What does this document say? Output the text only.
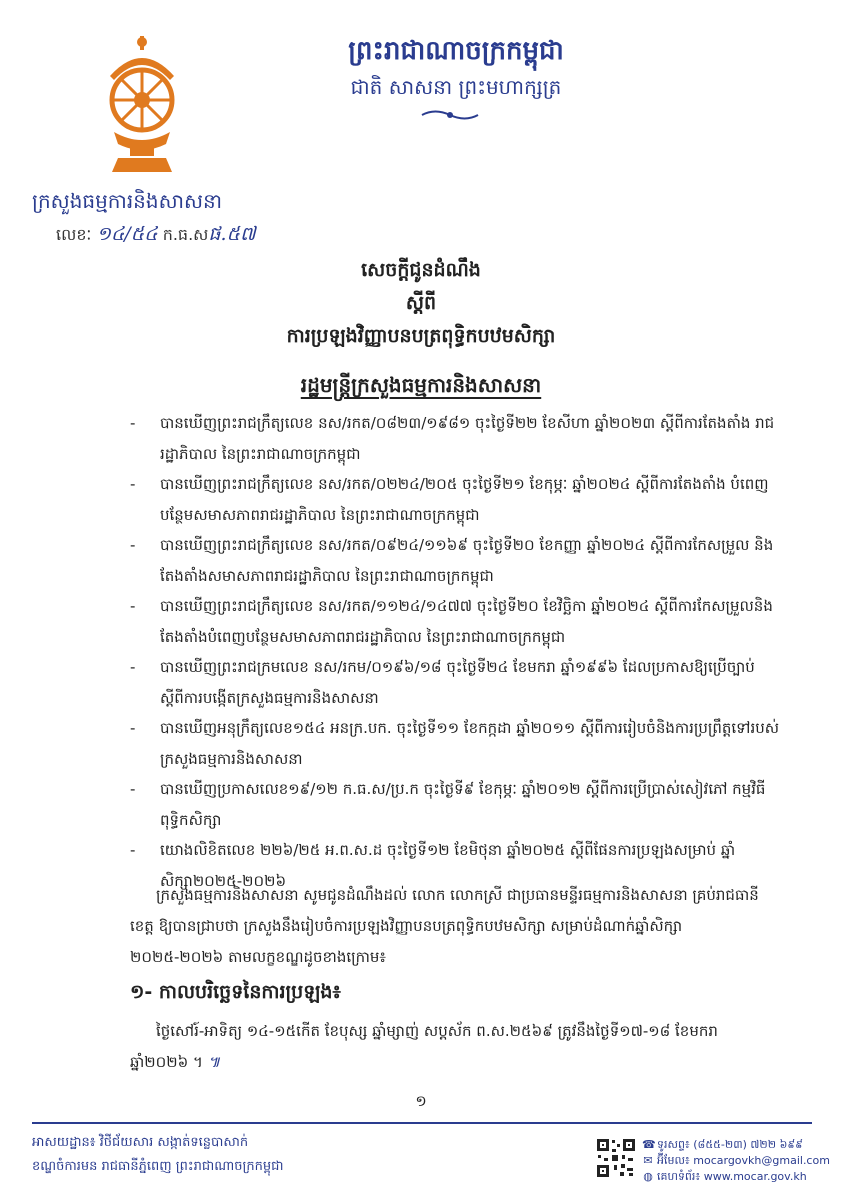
ព្រះរាជាណាចក្រកម្ពុជា
ជាតិ សាសនា ព្រះមហាក្សត្រ
ក្រសួងធម្មការនិងសាសនា
លេខៈ ១៤/៥៤ ក.ធ.សផ.៥៧
សេចក្តីជូនដំណឹង
ស្តីពី
ការប្រឡងវិញ្ញាបនបត្រពុទ្ធិកបឋមសិក្សា
រដ្ឋមន្ត្រីក្រសួងធម្មការនិងសាសនា
- បានឃើញព្រះរាជក្រឹត្យលេខ នស/រកត/០៨២៣/១៩៨១ ចុះថ្ងៃទី២២ ខែសីហា ឆ្នាំ២០២៣ ស្តីពីការតែងតាំង រាជរដ្ឋាភិបាល នៃព្រះរាជាណាចក្រកម្ពុជា
- បានឃើញព្រះរាជក្រឹត្យលេខ នស/រកត/០២២៤/២០៥ ចុះថ្ងៃទី២១ ខែកុម្ភៈ ឆ្នាំ២០២៤ ស្តីពីការតែងតាំង បំពេញបន្ថែមសមាសភាពរាជរដ្ឋាភិបាល នៃព្រះរាជាណាចក្រកម្ពុជា
- បានឃើញព្រះរាជក្រឹត្យលេខ នស/រកត/០៩២៤/១១៦៩ ចុះថ្ងៃទី២០ ខែកញ្ញា ឆ្នាំ២០២៤ ស្តីពីការកែសម្រួល និងតែងតាំងសមាសភាពរាជរដ្ឋាភិបាល នៃព្រះរាជាណាចក្រកម្ពុជា
- បានឃើញព្រះរាជក្រឹត្យលេខ នស/រកត/១១២៤/១៤៧៧ ចុះថ្ងៃទី២០ ខែវិច្ឆិកា ឆ្នាំ២០២៤ ស្តីពីការកែសម្រួលនិងតែងតាំងបំពេញបន្ថែមសមាសភាពរាជរដ្ឋាភិបាល នៃព្រះរាជាណាចក្រកម្ពុជា
- បានឃើញព្រះរាជក្រមលេខ នស/រកម/០១៩៦/១៨ ចុះថ្ងៃទី២៤ ខែមករា ឆ្នាំ១៩៩៦ ដែលប្រកាសឱ្យប្រើច្បាប់ ស្តីពីការបង្កើតក្រសួងធម្មការនិងសាសនា
- បានឃើញអនុក្រឹត្យលេខ១៥៤ អនក្រ.បក. ចុះថ្ងៃទី១១ ខែកក្កដា ឆ្នាំ២០១១ ស្តីពីការរៀបចំនិងការប្រព្រឹត្តទៅរបស់ក្រសួងធម្មការនិងសាសនា
- បានឃើញប្រកាសលេខ១៩/១២ ក.ធ.ស/ប្រ.ក ចុះថ្ងៃទី៩ ខែកុម្ភៈ ឆ្នាំ២០១២ ស្តីពីការប្រើប្រាស់សៀវភៅ កម្មវិធីពុទ្ធិកសិក្សា
- យោងលិខិតលេខ ២២៦/២៥ អ.ព.ស.ដ ចុះថ្ងៃទី១២ ខែមិថុនា ឆ្នាំ២០២៥ ស្តីពីផែនការប្រឡងសម្រាប់ ឆ្នាំសិក្សា២០២៥-២០២៦
ក្រសួងធម្មការនិងសាសនា សូមជូនដំណឹងដល់ លោក លោកស្រី ជាប្រធានមន្ទីរធម្មការនិងសាសនា គ្រប់រាជធានី ខេត្ត ឱ្យបានជ្រាបថា ក្រសួងនឹងរៀបចំការប្រឡងវិញ្ញាបនបត្រពុទ្ធិកបឋមសិក្សា សម្រាប់ដំណាក់ឆ្នាំសិក្សា ២០២៥-២០២៦ តាមលក្ខខណ្ឌដូចខាងក្រោម៖
១- កាលបរិច្ឆេទនៃការប្រឡង៖
ថ្ងៃសៅរ៍-អាទិត្យ ១៤-១៥កេីត ខែបុស្ស ឆ្នាំម្សាញ់ សប្តស័ក ព.ស.២៥៦៩ ត្រូវនឹងថ្ងៃទី១៧-១៨ ខែមករា ឆ្នាំ២០២៦ ។ ៕
១
អាសយដ្ឋាន៖ វិថីជ័យសារ សង្កាត់ទន្លេបាសាក់
ខណ្ឌចំការមន រាជធានីភ្នំពេញ ព្រះរាជាណាចក្រកម្ពុជា
☎ទូរសព្ទ៖ (៨៥៥-២៣) ៧២២ ៦៩៩
✉ អ៊ីមែល៖ mocargovkh@gmail.com
◍ គេហទំព័រ៖ www.mocar.gov.kh
